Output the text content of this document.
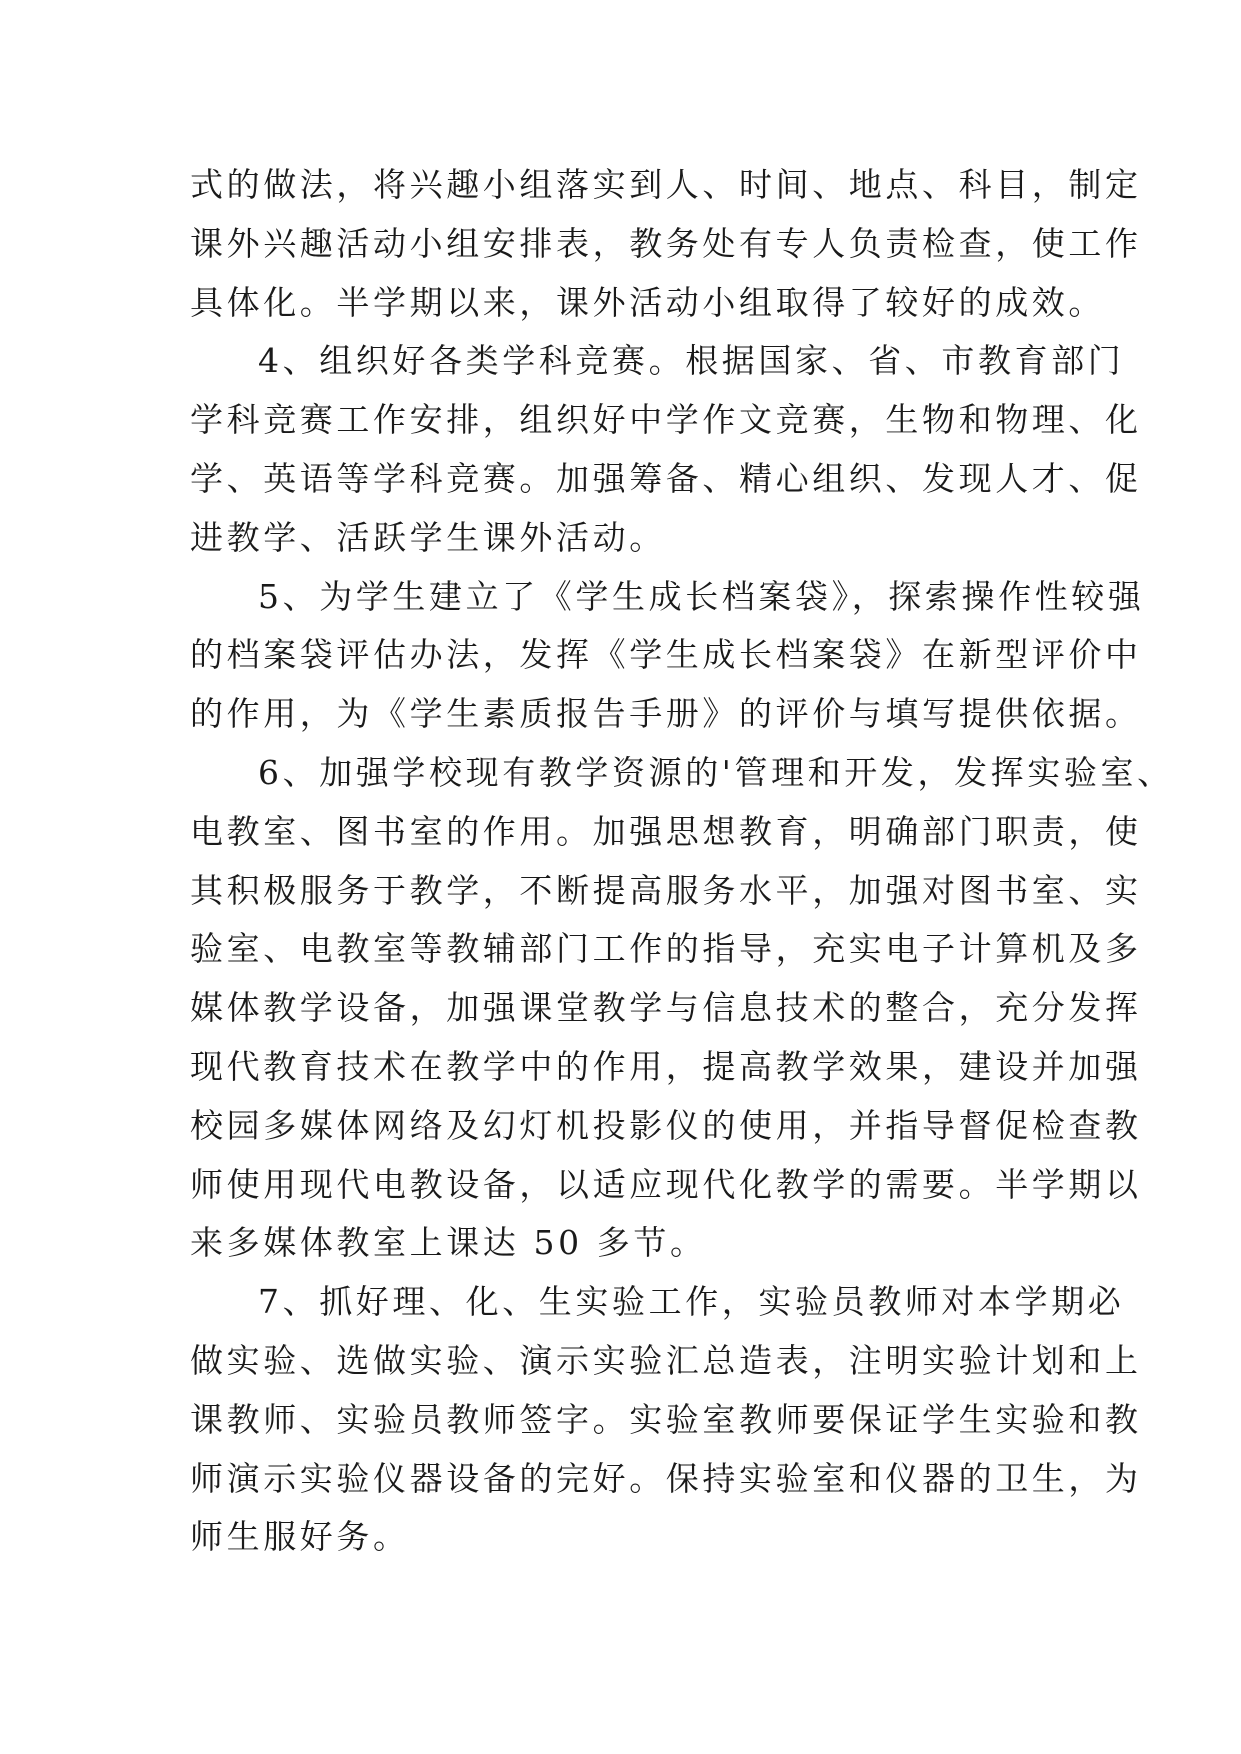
式的做法，将兴趣小组落实到人、时间、地点、科目，制定
课外兴趣活动小组安排表，教务处有专人负责检查，使工作
具体化。半学期以来，课外活动小组取得了较好的成效。
4、组织好各类学科竞赛。根据国家、省、市教育部门
学科竞赛工作安排，组织好中学作文竞赛，生物和物理、化
学、英语等学科竞赛。加强筹备、精心组织、发现人才、促
进教学、活跃学生课外活动。
5、为学生建立了《学生成长档案袋》，探索操作性较强
的档案袋评估办法，发挥《学生成长档案袋》在新型评价中
的作用，为《学生素质报告手册》的评价与填写提供依据。
6、加强学校现有教学资源的'管理和开发，发挥实验室、
电教室、图书室的作用。加强思想教育，明确部门职责，使
其积极服务于教学，不断提高服务水平，加强对图书室、实
验室、电教室等教辅部门工作的指导，充实电子计算机及多
媒体教学设备，加强课堂教学与信息技术的整合，充分发挥
现代教育技术在教学中的作用，提高教学效果，建设并加强
校园多媒体网络及幻灯机投影仪的使用，并指导督促检查教
师使用现代电教设备，以适应现代化教学的需要。半学期以
来多媒体教室上课达 50 多节。
7、抓好理、化、生实验工作，实验员教师对本学期必
做实验、选做实验、演示实验汇总造表，注明实验计划和上
课教师、实验员教师签字。实验室教师要保证学生实验和教
师演示实验仪器设备的完好。保持实验室和仪器的卫生，为
师生服好务。
